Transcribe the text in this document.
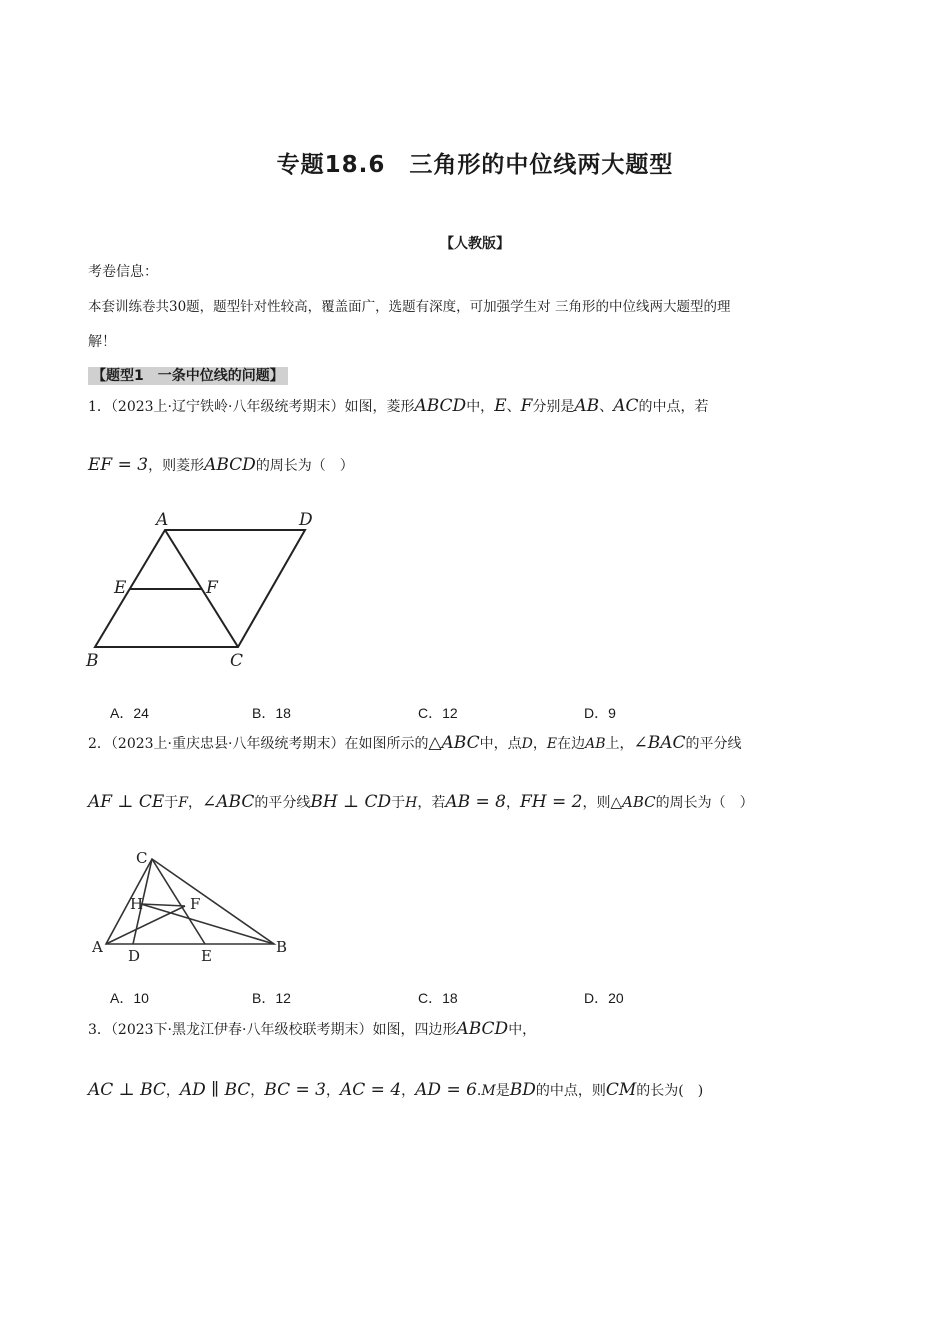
专题18.6　三角形的中位线两大题型
【人教版】
考卷信息：
本套训练卷共30题，题型针对性较高，覆盖面广，选题有深度，可加强学生对 三角形的中位线两大题型的理
解！
【题型1　一条中位线的问题】
1．（2023上·辽宁铁岭·八年级统考期末）如图，菱形ABCD中，E、F分别是AB、AC的中点，若
EF = 3，则菱形ABCD的周长为（　）
A	D
E	F
B	C
A．24	B．18	C．12	D．9
2．（2023上·重庆忠县·八年级统考期末）在如图所示的△ABC中，点D，E在边AB上，∠BAC的平分线
AF ⊥ CE于F，∠ABC的平分线BH ⊥ CD于H，若AB = 8，FH = 2，则△ABC的周长为（　）
C
H	F
A D	E	B
A．10	B．12	C．18	D．20
3．（2023下·黑龙江伊春·八年级校联考期末）如图，四边形ABCD中，
AC ⊥ BC，AD ∥ BC，BC = 3，AC = 4，AD = 6.M是BD的中点，则CM的长为(　)
